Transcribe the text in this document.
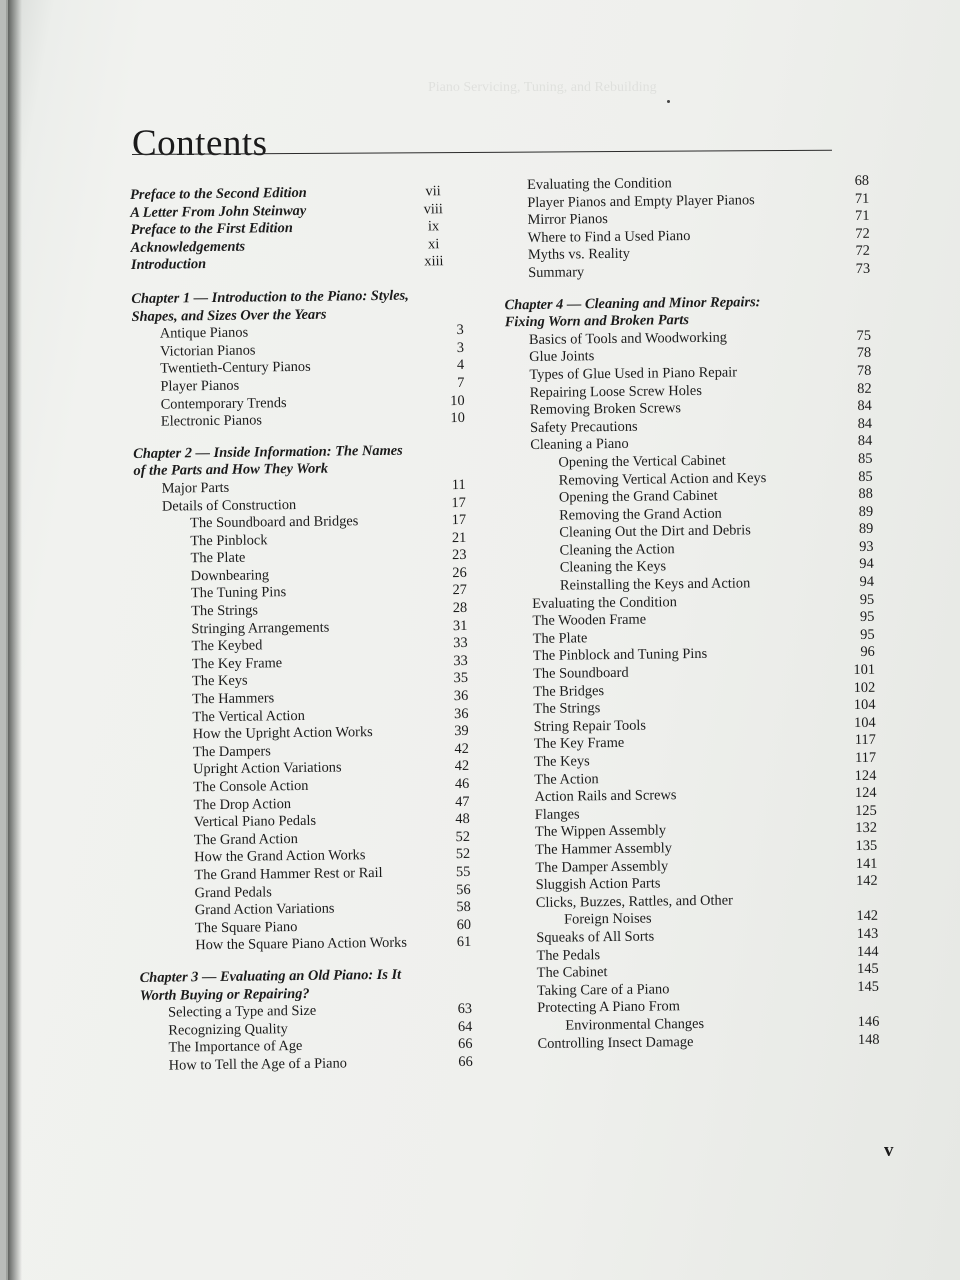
Piano Servicing, Tuning, and Rebuilding
Contents
Preface to the Second Edition	vii
A Letter From John Steinway	viii
Preface to the First Edition	ix
Acknowledgements	xi
Introduction	xiii
Chapter 1 — Introduction to the Piano: Styles,
Shapes, and Sizes Over the Years
Antique Pianos	3
Victorian Pianos	3
Twentieth-Century Pianos	4
Player Pianos	7
Contemporary Trends	10
Electronic Pianos	10
Chapter 2 — Inside Information: The Names
of the Parts and How They Work
Major Parts	11
Details of Construction	17
The Soundboard and Bridges	17
The Pinblock	21
The Plate	23
Downbearing	26
The Tuning Pins	27
The Strings	28
Stringing Arrangements	31
The Keybed	33
The Key Frame	33
The Keys	35
The Hammers	36
The Vertical Action	36
How the Upright Action Works	39
The Dampers	42
Upright Action Variations	42
The Console Action	46
The Drop Action	47
Vertical Piano Pedals	48
The Grand Action	52
How the Grand Action Works	52
The Grand Hammer Rest or Rail	55
Grand Pedals	56
Grand Action Variations	58
The Square Piano	60
How the Square Piano Action Works	61
Chapter 3 — Evaluating an Old Piano: Is It
Worth Buying or Repairing?
Selecting a Type and Size	63
Recognizing Quality	64
The Importance of Age	66
How to Tell the Age of a Piano	66
Evaluating the Condition	68
Player Pianos and Empty Player Pianos	71
Mirror Pianos	71
Where to Find a Used Piano	72
Myths vs. Reality	72
Summary	73
Chapter 4 — Cleaning and Minor Repairs:
Fixing Worn and Broken Parts
Basics of Tools and Woodworking	75
Glue Joints	78
Types of Glue Used in Piano Repair	78
Repairing Loose Screw Holes	82
Removing Broken Screws	84
Safety Precautions	84
Cleaning a Piano	84
Opening the Vertical Cabinet	85
Removing Vertical Action and Keys	85
Opening the Grand Cabinet	88
Removing the Grand Action	89
Cleaning Out the Dirt and Debris	89
Cleaning the Action	93
Cleaning the Keys	94
Reinstalling the Keys and Action	94
Evaluating the Condition	95
The Wooden Frame	95
The Plate	95
The Pinblock and Tuning Pins	96
The Soundboard	101
The Bridges	102
The Strings	104
String Repair Tools	104
The Key Frame	117
The Keys	117
The Action	124
Action Rails and Screws	124
Flanges	125
The Wippen Assembly	132
The Hammer Assembly	135
The Damper Assembly	141
Sluggish Action Parts	142
Clicks, Buzzes, Rattles, and Other
Foreign Noises	142
Squeaks of All Sorts	143
The Pedals	144
The Cabinet	145
Taking Care of a Piano	145
Protecting A Piano From
Environmental Changes	146
Controlling Insect Damage	148
v
